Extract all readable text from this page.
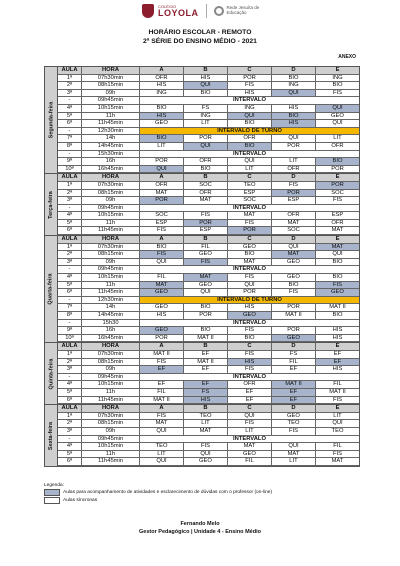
COLÉGIO
LOYOLA	Rede Jesuíta de Educação
HORÁRIO ESCOLAR - REMOTO
2ª SÉRIE DO ENSINO MÉDIO - 2021
ANEXO
Segunda-feira
AULA	HORA	A	B	C	D	E
1ª	07h30min	OFR	HIS	POR	BIO	ING
2ª	08h15min	HIS	QUÍ	FIS	ING	BIO
3ª	09h	ING	BIO	HIS	QUÍ	FIS
-	09h45min	INTERVALO
4ª	10h15min	BIO	FS	ING	HIS	QUÍ
5ª	11h	HIS	ING	QUÍ	BIO	GEO
6ª	11h45min	GEO	LIT	BIO	HIS	QUÍ
-	12h30min	INTERVALO DE TURNO
7ª	14h	BIO	POR	OFR	QUÍ	LIT
8ª	14h45min	LIT	QUÍ	BIO	POR	OFR
-	15h30min	INTERVALO
9ª	16h	POR	OFR	QUÍ	LIT	BIO
10ª	16h45min	QUÍ	BIO	LIT	OFR	POR
Terça-feira
AULA	HORA	A	B	C	D	E
1ª	07h30min	OFR	SOC	TEO	FIS	POR
2ª	08h15min	MAT	OFR	ESP	POR	SOC
3ª	09h	POR	MAT	SOC	ESP	FIS
-	09h45min	INTERVALO
4ª	10h15min	SOC	FIS	MAT	OFR	ESP
5ª	11h	ESP	POR	FIS	MAT	OFR
6ª	11h45min	FIS	ESP	POR	SOC	MAT
Quarta-feira
AULA	HORA	A	B	C	D	E
1ª	07h30min	BIO	FIL	GEO	QUÍ	MAT
2ª	08h15min	FIS	GEO	BIO	MAT	QUÍ
3ª	09h	QUÍ	FIS	MAT	GEO	BIO
-	09h45min	INTERVALO
4ª	10h15min	FIL	MAT	FIS	GEO	BIO
5ª	11h	MAT	GEO	QUÍ	BIO	FIS
6ª	11h45min	GEO	QUÍ	POR	FIS	GEO
-	12h30min	INTERVALO DE TURNO
7ª	14h	GEO	BIO	HIS	POR	MAT II
8ª	14h45min	HIS	POR	GEO	MAT II	BIO
-	15h30	INTERVALO
9ª	16h	GEO	BIO	FIS	POR	HIS
10ª	16h45min	POR	MAT II	BIO	GEO	HIS
Quinta-feira
AULA	HORA	A	B	C	D	E
1ª	07h30min	MAT II	EF	FIS	FS	EF
2ª	08h15min	FIS	MAT II	HIS	FIL	EF
3ª	09h	EF	EF	FIS	EF	HIS
-	09h45min	INTERVALO
4ª	10h15min	EF	EF	OFR	MAT II	FIL
5ª	11h	FIL	FS	EF	EF	MAT II
6ª	11h45min	MAT II	HIS	EF	EF	FIS
Sexta-feira
AULA	HORA	A	B	C	D	E
1ª	07h30min	FIS	TEO	QUÍ	GEO	LIT
2ª	08h15min	MAT	LIT	FIS	TEO	QUÍ
3ª	09h	QUÍ	MAT	LIT	FIS	TEO
-	09h45min	INTERVALO
4ª	10h15min	TEO	FIS	MAT	QUÍ	FIL
5ª	11h	LIT	QUÍ	GEO	MAT	FIS
6ª	11h45min	QUÍ	GEO	FIL	LIT	MAT
Legenda:
Aulas para acompanhamento de atividades e esclarecimento de dúvidas com o professor (on-line)
Aulas síncronas
Fernando Melo
Gestor Pedagógico | Unidade 4 - Ensino Médio
